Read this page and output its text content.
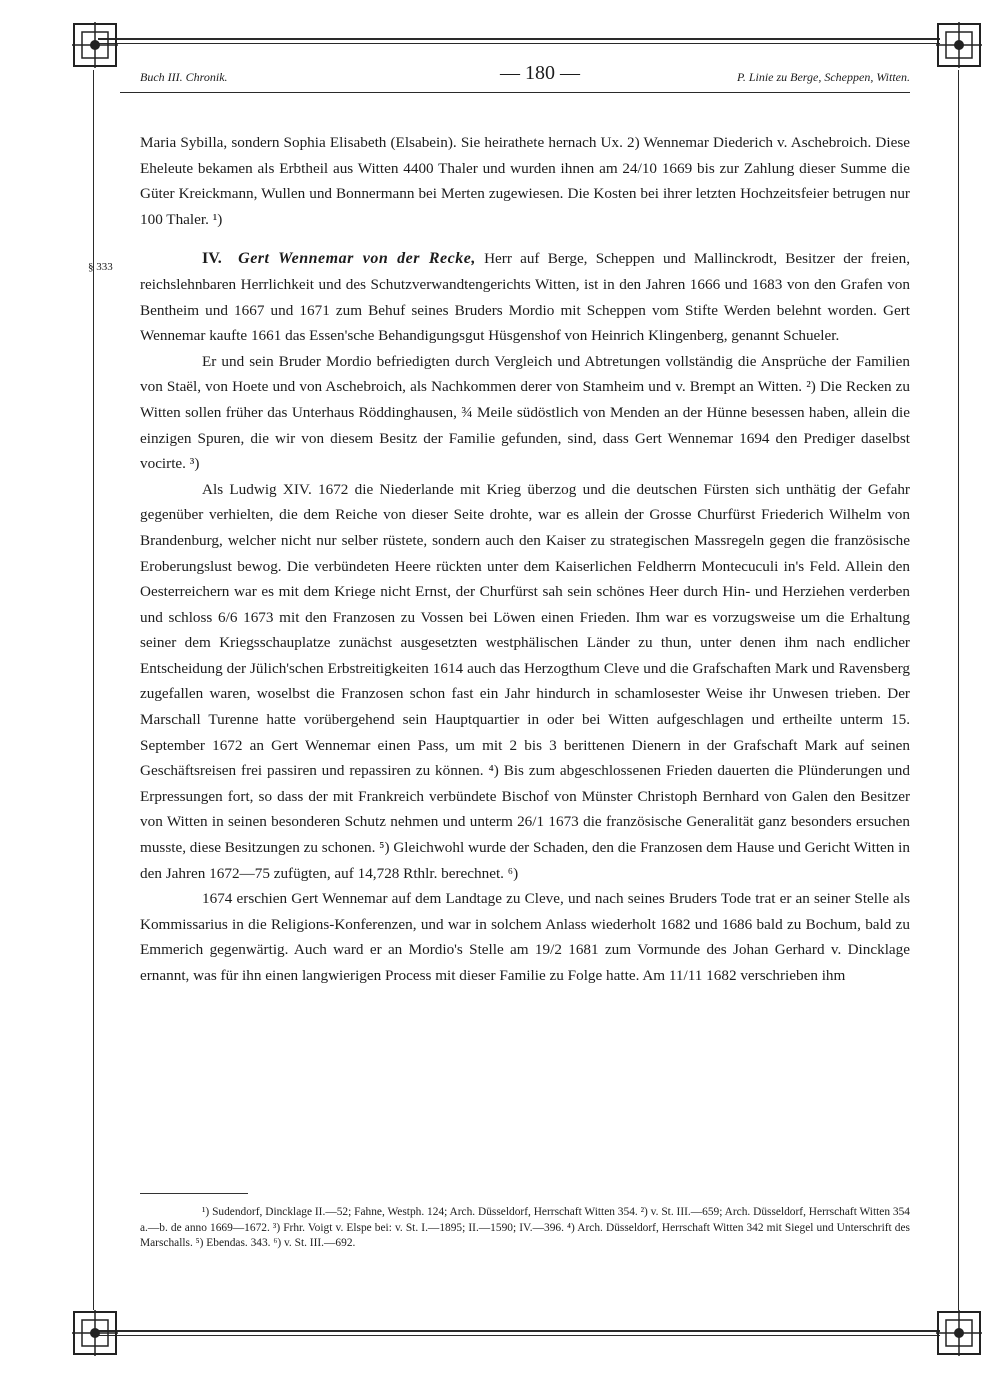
Buch III. Chronik.	— 180 —	P. Linie zu Berge, Scheppen, Witten.
§ 333

Maria Sybilla, sondern Sophia Elisabeth (Elsabein). Sie heirathete hernach Ux. 2) Wennemar Diederich v. Aschebroich. Diese Eheleute bekamen als Erbtheil aus Witten 4400 Thaler und wurden ihnen am 24/10 1669 bis zur Zahlung dieser Summe die Güter Kreickmann, Wullen und Bonnermann bei Merten zugewiesen. Die Kosten bei ihrer letzten Hochzeitsfeier betrugen nur 100 Thaler. ¹)

IV. Gert Wennemar von der Recke, Herr auf Berge, Scheppen und Mallinckrodt, Besitzer der freien, reichslehnbaren Herrlichkeit und des Schutzverwandtengerichts Witten, ist in den Jahren 1666 und 1683 von den Grafen von Bentheim und 1667 und 1671 zum Behuf seines Bruders Mordio mit Scheppen vom Stifte Werden belehnt worden. Gert Wennemar kaufte 1661 das Essen'sche Behandigungsgut Hüsgenshof von Heinrich Klingenberg, genannt Schueler.

Er und sein Bruder Mordio befriedigten durch Vergleich und Abtretungen vollständig die Ansprüche der Familien von Staël, von Hoete und von Aschebroich, als Nachkommen derer von Stamheim und v. Brempt an Witten. ²) Die Recken zu Witten sollen früher das Unterhaus Röddinghausen, ¾ Meile südöstlich von Menden an der Hünne besessen haben, allein die einzigen Spuren, die wir von diesem Besitz der Familie gefunden, sind, dass Gert Wennemar 1694 den Prediger daselbst vocirte. ³)

Als Ludwig XIV. 1672 die Niederlande mit Krieg überzog und die deutschen Fürsten sich unthätig der Gefahr gegenüber verhielten, die dem Reiche von dieser Seite drohte, war es allein der Grosse Churfürst Friederich Wilhelm von Brandenburg, welcher nicht nur selber rüstete, sondern auch den Kaiser zu strategischen Massregeln gegen die französische Eroberungslust bewog. Die verbündeten Heere rückten unter dem Kaiserlichen Feldherrn Montecuculi in's Feld. Allein den Oesterreichern war es mit dem Kriege nicht Ernst, der Churfürst sah sein schönes Heer durch Hin- und Herziehen verderben und schloss 6/6 1673 mit den Franzosen zu Vossen bei Löwen einen Frieden. Ihm war es vorzugsweise um die Erhaltung seiner dem Kriegsschauplatze zunächst ausgesetzten westphälischen Länder zu thun, unter denen ihm nach endlicher Entscheidung der Jülich'schen Erbstreitigkeiten 1614 auch das Herzogthum Cleve und die Grafschaften Mark und Ravensberg zugefallen waren, woselbst die Franzosen schon fast ein Jahr hindurch in schamlosester Weise ihr Unwesen trieben. Der Marschall Turenne hatte vorübergehend sein Hauptquartier in oder bei Witten aufgeschlagen und ertheilte unterm 15. September 1672 an Gert Wennemar einen Pass, um mit 2 bis 3 berittenen Dienern in der Grafschaft Mark auf seinen Geschäftsreisen frei passiren und repassiren zu können. ⁴) Bis zum abgeschlossenen Frieden dauerten die Plünderungen und Erpressungen fort, so dass der mit Frankreich verbündete Bischof von Münster Christoph Bernhard von Galen den Besitzer von Witten in seinen besonderen Schutz nehmen und unterm 26/1 1673 die französische Generalität ganz besonders ersuchen musste, diese Besitzungen zu schonen. ⁵) Gleichwohl wurde der Schaden, den die Franzosen dem Hause und Gericht Witten in den Jahren 1672—75 zufügten, auf 14,728 Rthlr. berechnet. ⁶)

1674 erschien Gert Wennemar auf dem Landtage zu Cleve, und nach seines Bruders Tode trat er an seiner Stelle als Kommissarius in die Religions-Konferenzen, und war in solchem Anlass wiederholt 1682 und 1686 bald zu Bochum, bald zu Emmerich gegenwärtig. Auch ward er an Mordio's Stelle am 19/2 1681 zum Vormunde des Johan Gerhard v. Dincklage ernannt, was für ihn einen langwierigen Process mit dieser Familie zu Folge hatte. Am 11/11 1682 verschrieben ihm

¹) Sudendorf, Dincklage II.—52; Fahne, Westph. 124; Arch. Düsseldorf, Herrschaft Witten 354. ²) v. St. III.—659; Arch. Düsseldorf, Herrschaft Witten 354 a.—b. de anno 1669—1672. ³) Frhr. Voigt v. Elspe bei: v. St. I.—1895; II.—1590; IV.—396. ⁴) Arch. Düsseldorf, Herrschaft Witten 342 mit Siegel und Unterschrift des Marschalls. ⁵) Ebendas. 343. ⁶) v. St. III.—692.
